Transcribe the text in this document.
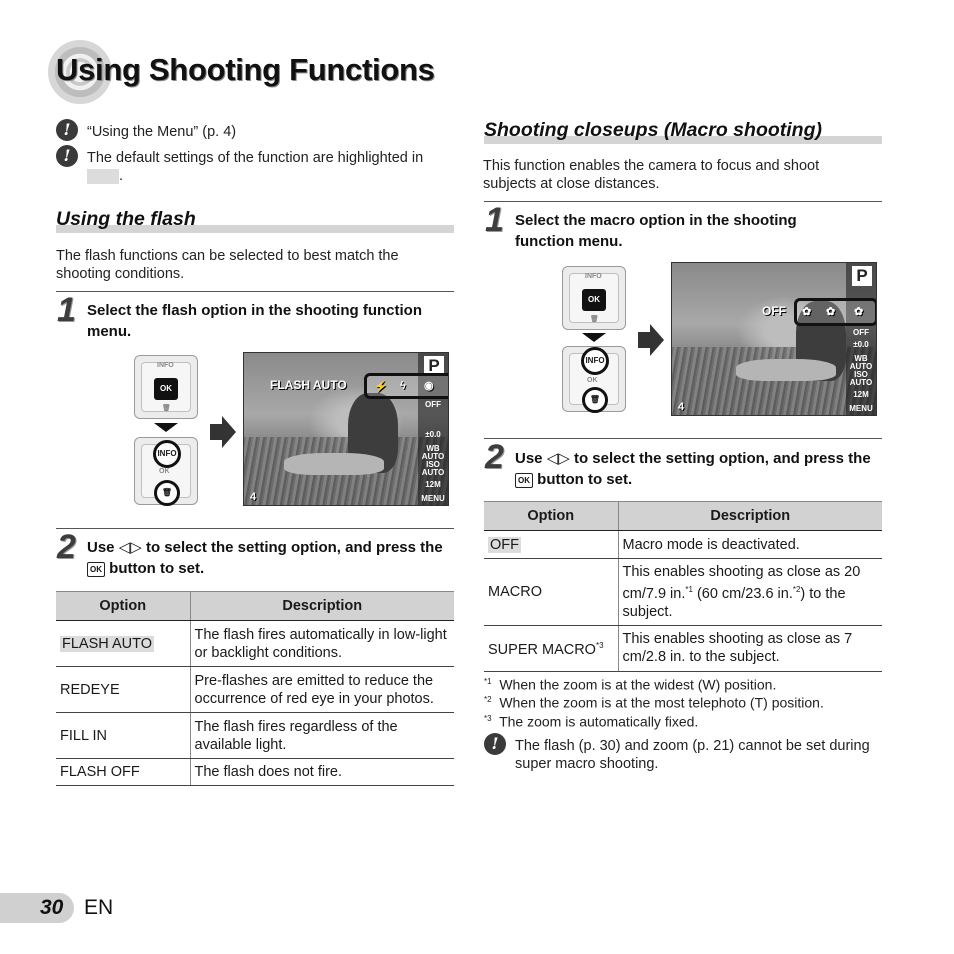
Using Shooting Functions
!	“Using the Menu” (p. 4)
!	The default settings of the function are highlighted in
.
Using the flash
The flash functions can be selected to best match the shooting conditions.
1 Select the flash option in the shooting function menu.
INFO
OK
🗑
INFO
OK
🗑
P
FLASH AUTO ⚡ ϟ ◉
OFF
±0.0
WB
AUTO
ISO
AUTO
12M
MENU
4
2 Use ◁▷ to select the setting option, and press the OK button to set.
Option	Description
FLASH AUTO	The flash fires automatically in low-light or backlight conditions.
REDEYE	Pre-flashes are emitted to reduce the occurrence of red eye in your photos.
FILL IN	The flash fires regardless of the available light.
FLASH OFF	The flash does not fire.
Shooting closeups (Macro shooting)
This function enables the camera to focus and shoot subjects at close distances.
1 Select the macro option in the shooting function menu.
INFO
OK
🗑
INFO
OK
🗑
P
OFF ✿ ✿ ✿
OFF
±0.0
WB
AUTO
ISO
AUTO
12M
MENU
4
2 Use ◁▷ to select the setting option, and press the OK button to set.
Option	Description
OFF	Macro mode is deactivated.
MACRO	This enables shooting as close as 20 cm/7.9 in.$^{*1}$ (60 cm/23.6 in.$^{*2}$) to the subject.
SUPER MACRO$^{*3}$	This enables shooting as close as 7 cm/2.8 in. to the subject.
$^{*1}$ When the zoom is at the widest (W) position.
$^{*2}$ When the zoom is at the most telephoto (T) position.
$^{*3}$ The zoom is automatically fixed.
!	The flash (p. 30) and zoom (p. 21) cannot be set during super macro shooting.
30 EN
